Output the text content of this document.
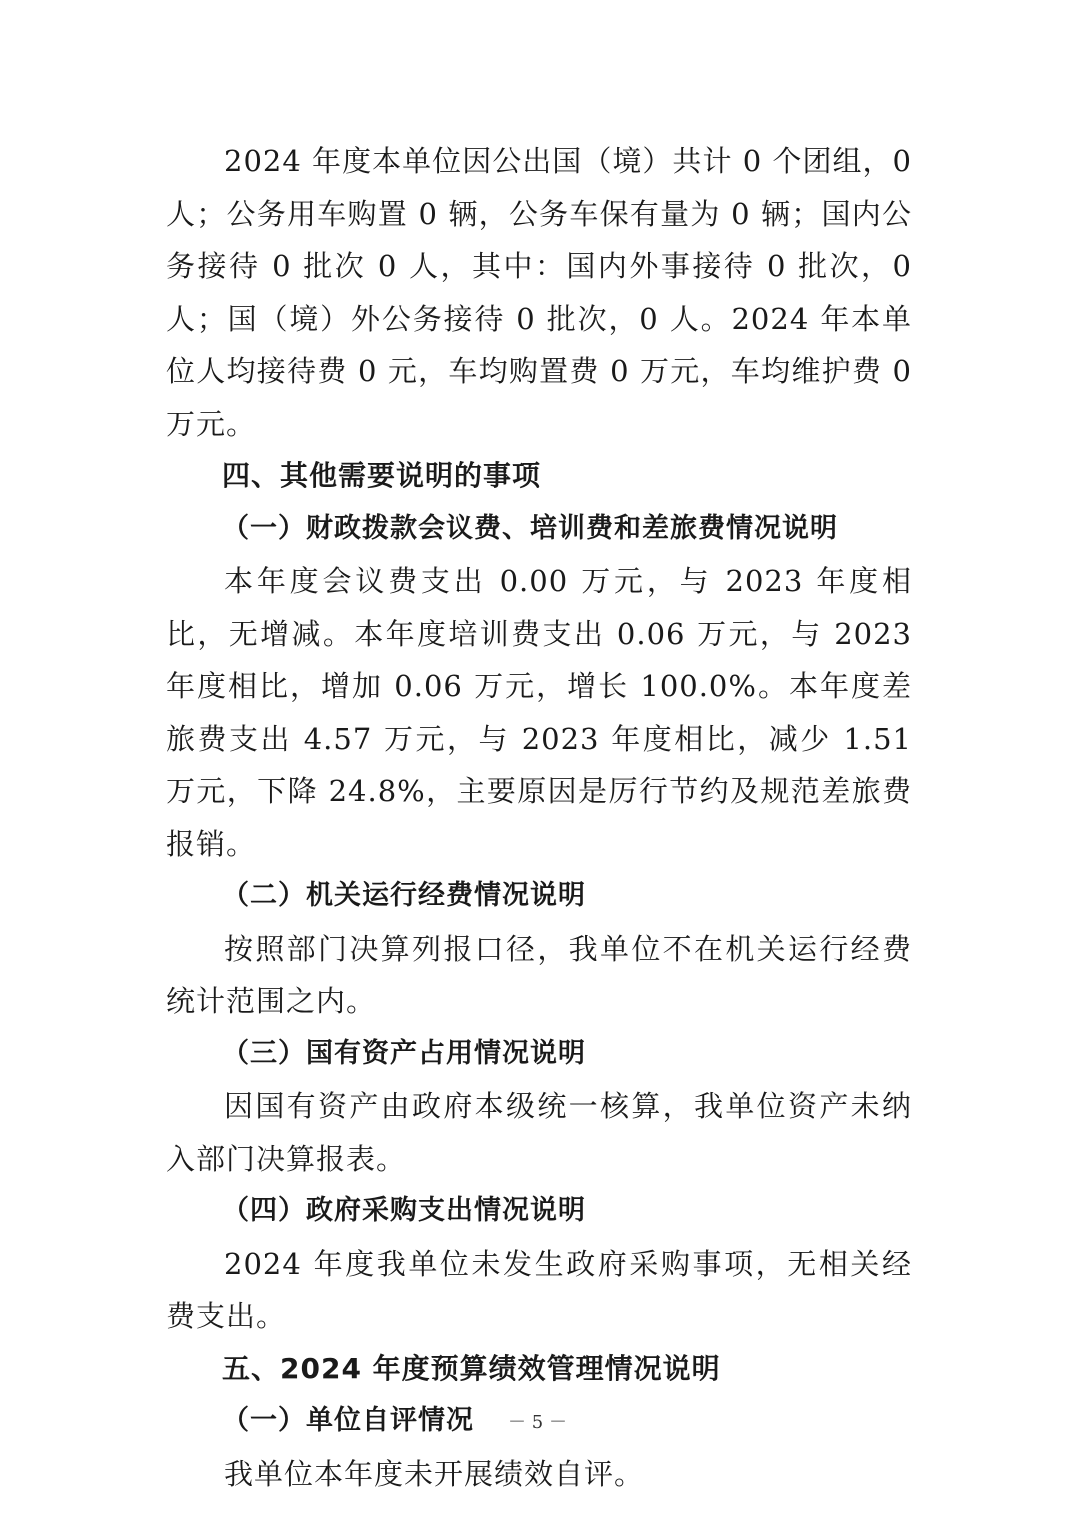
2024 年度本单位因公出国（境）共计 0 个团组，0 人；公务用车购置 0 辆，公务车保有量为 0 辆；国内公务接待 0 批次 0 人，其中：国内外事接待 0 批次，0 人；国（境）外公务接待 0 批次，0 人。2024 年本单位人均接待费 0 元，车均购置费 0 万元，车均维护费 0 万元。

四、其他需要说明的事项

（一）财政拨款会议费、培训费和差旅费情况说明

本年度会议费支出 0.00 万元，与 2023 年度相比，无增减。本年度培训费支出 0.06 万元，与 2023 年度相比，增加 0.06 万元，增长 100.0%。本年度差旅费支出 4.57 万元，与 2023 年度相比，减少 1.51 万元，下降 24.8%，主要原因是厉行节约及规范差旅费报销。

（二）机关运行经费情况说明

按照部门决算列报口径，我单位不在机关运行经费统计范围之内。

（三）国有资产占用情况说明

因国有资产由政府本级统一核算，我单位资产未纳入部门决算报表。

（四）政府采购支出情况说明

2024 年度我单位未发生政府采购事项，无相关经费支出。

五、2024 年度预算绩效管理情况说明

（一）单位自评情况

我单位本年度未开展绩效自评。

－ 5 －
